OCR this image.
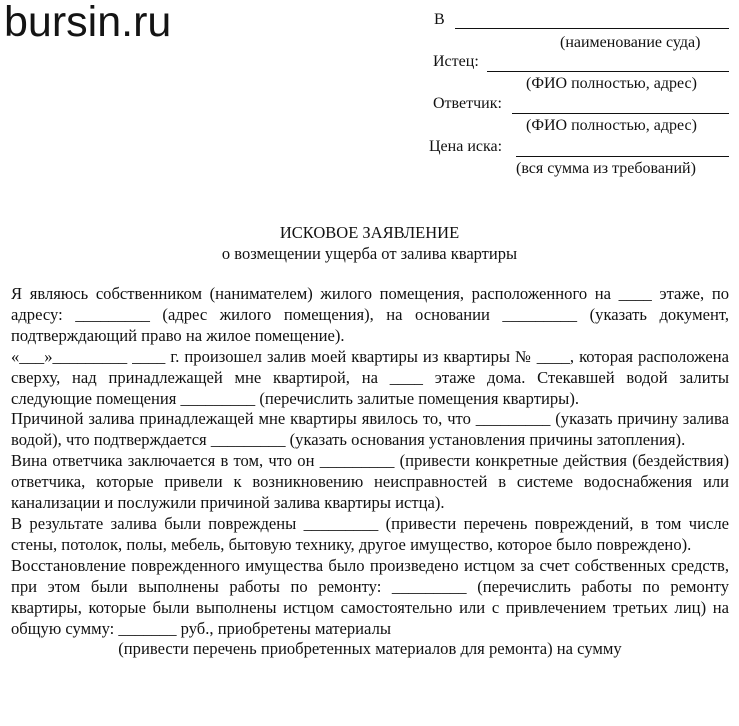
bursin.ru	В
(наименование суда)
Истец:
(ФИО полностью, адрес)
Ответчик:
(ФИО полностью, адрес)
Цена иска:
(вся сумма из требований)
ИСКОВОЕ ЗАЯВЛЕНИЕ
о возмещении ущерба от залива квартиры

Я являюсь собственником (нанимателем) жилого помещения, расположенного на ____ этаже, по адресу: _________ (адрес жилого помещения), на основании _________ (указать документ, подтверждающий право на жилое помещение).

«___»_________ ____ г. произошел залив моей квартиры из квартиры № ____, которая расположена сверху, над принадлежащей мне квартирой, на ____ этаже дома. Стекавшей водой залиты следующие помещения _________ (перечислить залитые помещения квартиры).

Причиной залива принадлежащей мне квартиры явилось то, что _________ (указать причину залива водой), что подтверждается _________ (указать основания установления причины затопления).

Вина ответчика заключается в том, что он _________ (привести конкретные действия (бездействия) ответчика, которые привели к возникновению неисправностей в системе водоснабжения или канализации и послужили причиной залива квартиры истца).

В результате залива были повреждены _________ (привести перечень повреждений, в том числе стены, потолок, полы, мебель, бытовую технику, другое имущество, которое было повреждено).

Восстановление поврежденного имущества было произведено истцом за счет собственных средств, при этом были выполнены работы по ремонту: _________ (перечислить работы по ремонту квартиры, которые были выполнены истцом самостоятельно или с привлечением третьих лиц) на общую сумму: _______ руб., приобретены материалы

(привести перечень приобретенных материалов для ремонта) на сумму
